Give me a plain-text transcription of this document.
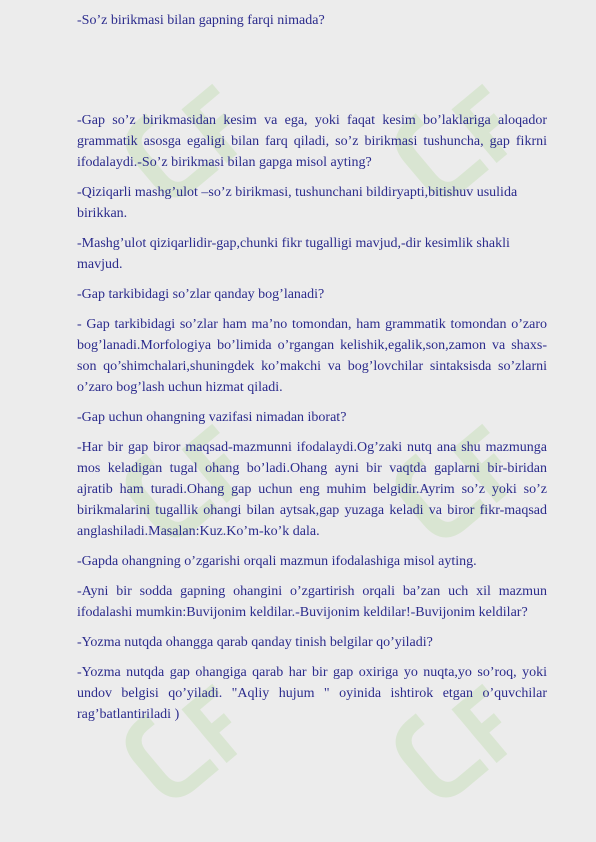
-So’z birikmasi bilan gapning farqi nimada?

-Gap so’z birikmasidan kesim va ega, yoki faqat kesim bo’laklariga aloqador grammatik asosga egaligi bilan farq qiladi, so’z birikmasi tushuncha, gap fikrni ifodalaydi.-So’z birikmasi bilan gapga misol ayting?

-Qiziqarli mashg’ulot –so’z birikmasi, tushunchani bildiryapti,bitishuv usulida birikkan.

-Mashg’ulot qiziqarlidir-gap,chunki fikr tugalligi mavjud,-dir kesimlik shakli mavjud.

-Gap tarkibidagi so’zlar qanday bog’lanadi?

- Gap tarkibidagi so’zlar ham ma’no tomondan, ham grammatik tomondan o’zaro bog’lanadi.Morfologiya bo’limida o’rgangan kelishik,egalik,son,zamon va shaxs-son qo’shimchalari,shuningdek ko’makchi va bog’lovchilar sintaksisda so’zlarni o’zaro bog’lash uchun hizmat qiladi.

-Gap uchun ohangning vazifasi nimadan iborat?

-Har bir gap biror maqsad-mazmunni ifodalaydi.Og’zaki nutq ana shu mazmunga mos keladigan tugal ohang bo’ladi.Ohang ayni bir vaqtda gaplarni bir-biridan ajratib ham turadi.Ohang gap uchun eng muhim belgidir.Ayrim so’z yoki so’z birikmalarini tugallik ohangi bilan aytsak,gap yuzaga keladi va biror fikr-maqsad anglashiladi.Masalan:Kuz.Ko’m-ko’k dala.

-Gapda ohangning o’zgarishi orqali mazmun ifodalashiga misol ayting.

-Ayni bir sodda gapning ohangini o’zgartirish orqali ba’zan uch xil mazmun ifodalashi mumkin:Buvijonim keldilar.-Buvijonim keldilar!-Buvijonim keldilar?

-Yozma nutqda ohangga qarab qanday tinish belgilar qo’yiladi?

-Yozma nutqda gap ohangiga qarab har bir gap oxiriga yo nuqta,yo so’roq, yoki undov belgisi qo’yiladi. "Aqliy hujum " oyinida ishtirok etgan o’quvchilar rag’batlantiriladi )
